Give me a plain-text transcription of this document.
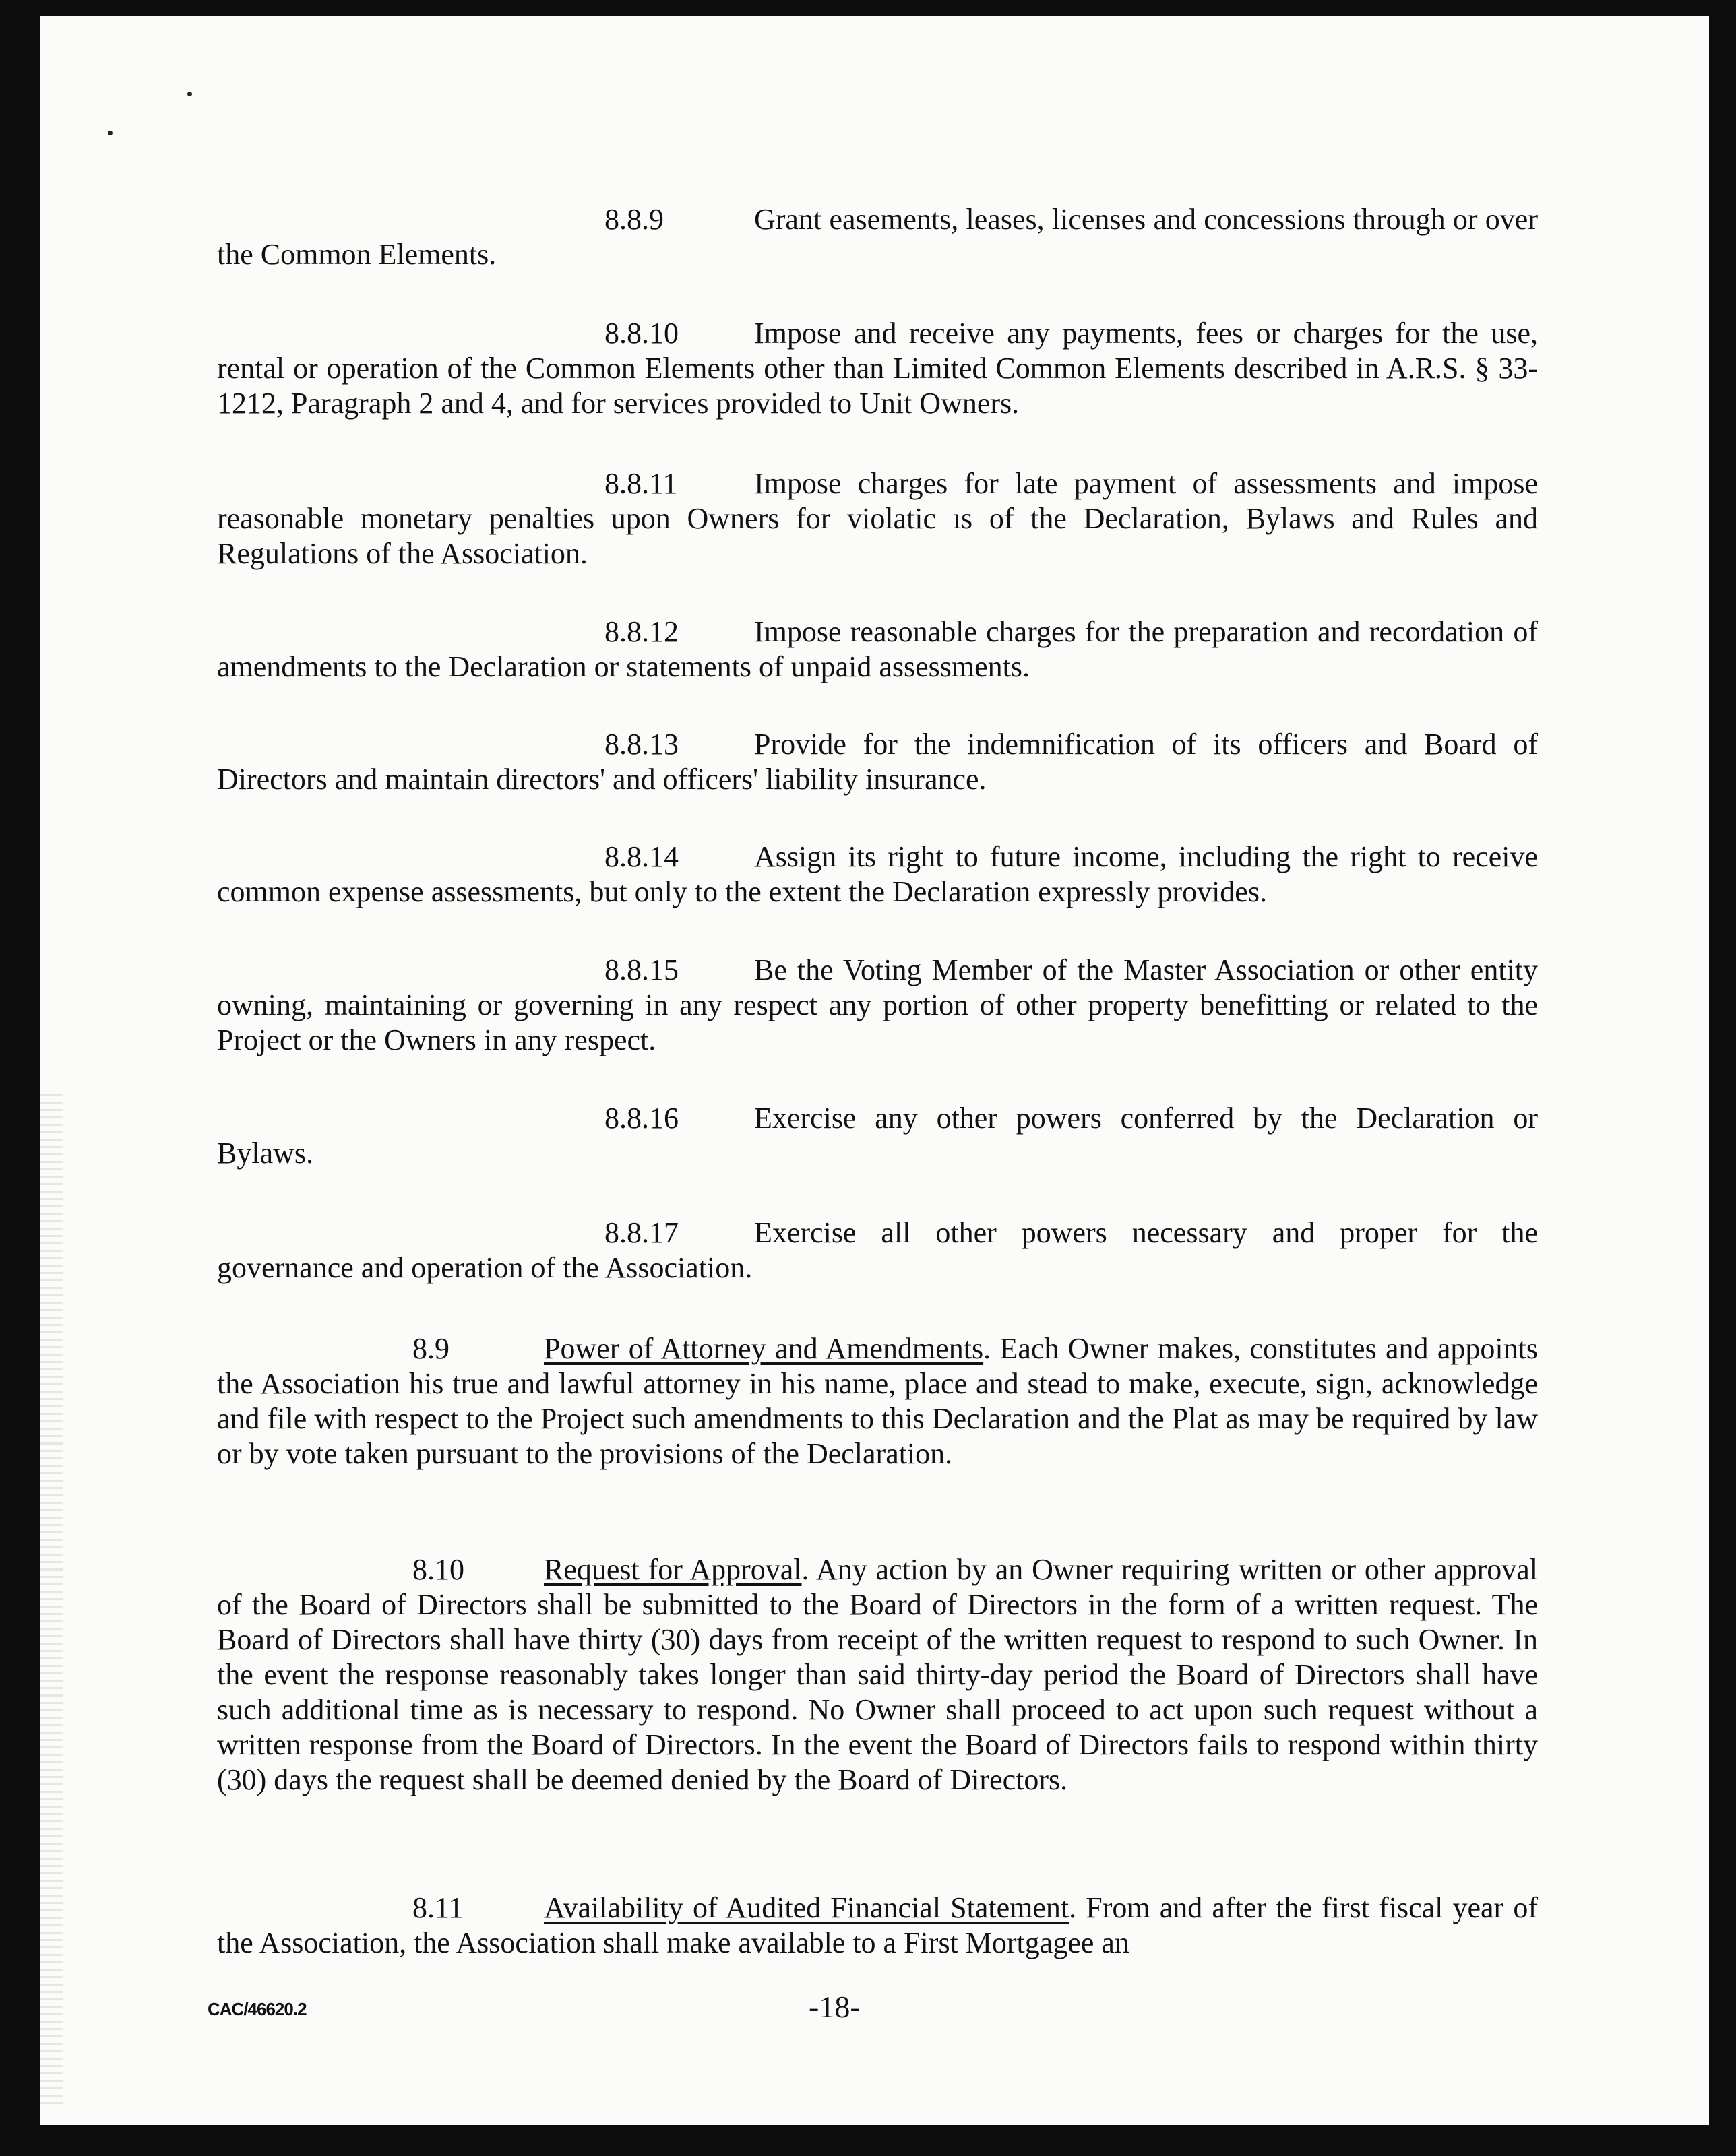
8.8.9	Grant easements, leases, licenses and concessions through or over the Common Elements.

8.8.10	Impose and receive any payments, fees or charges for the use, rental or operation of the Common Elements other than Limited Common Elements described in A.R.S. § 33-1212, Paragraph 2 and 4, and for services provided to Unit Owners.

8.8.11	Impose charges for late payment of assessments and impose reasonable monetary penalties upon Owners for violatic ıs of the Declaration, Bylaws and Rules and Regulations of the Association.

8.8.12	Impose reasonable charges for the preparation and recordation of amendments to the Declaration or statements of unpaid assessments.

8.8.13	Provide for the indemnification of its officers and Board of Directors and maintain directors' and officers' liability insurance.

8.8.14	Assign its right to future income, including the right to receive common expense assessments, but only to the extent the Declaration expressly provides.

8.8.15	Be the Voting Member of the Master Association or other entity owning, maintaining or governing in any respect any portion of other property benefitting or related to the Project or the Owners in any respect.

8.8.16	Exercise any other powers conferred by the Declaration or Bylaws.

8.8.17	Exercise all other powers necessary and proper for the governance and operation of the Association.

8.9	Power of Attorney and Amendments. Each Owner makes, constitutes and appoints the Association his true and lawful attorney in his name, place and stead to make, execute, sign, acknowledge and file with respect to the Project such amendments to this Declaration and the Plat as may be required by law or by vote taken pursuant to the provisions of the Declaration.

8.10	Request for Approval. Any action by an Owner requiring written or other approval of the Board of Directors shall be submitted to the Board of Directors in the form of a written request. The Board of Directors shall have thirty (30) days from receipt of the written request to respond to such Owner. In the event the response reasonably takes longer than said thirty-day period the Board of Directors shall have such additional time as is necessary to respond. No Owner shall proceed to act upon such request without a written response from the Board of Directors. In the event the Board of Directors fails to respond within thirty (30) days the request shall be deemed denied by the Board of Directors.

8.11	Availability of Audited Financial Statement. From and after the first fiscal year of the Association, the Association shall make available to a First Mortgagee an

CAC/46620.2	-18-
